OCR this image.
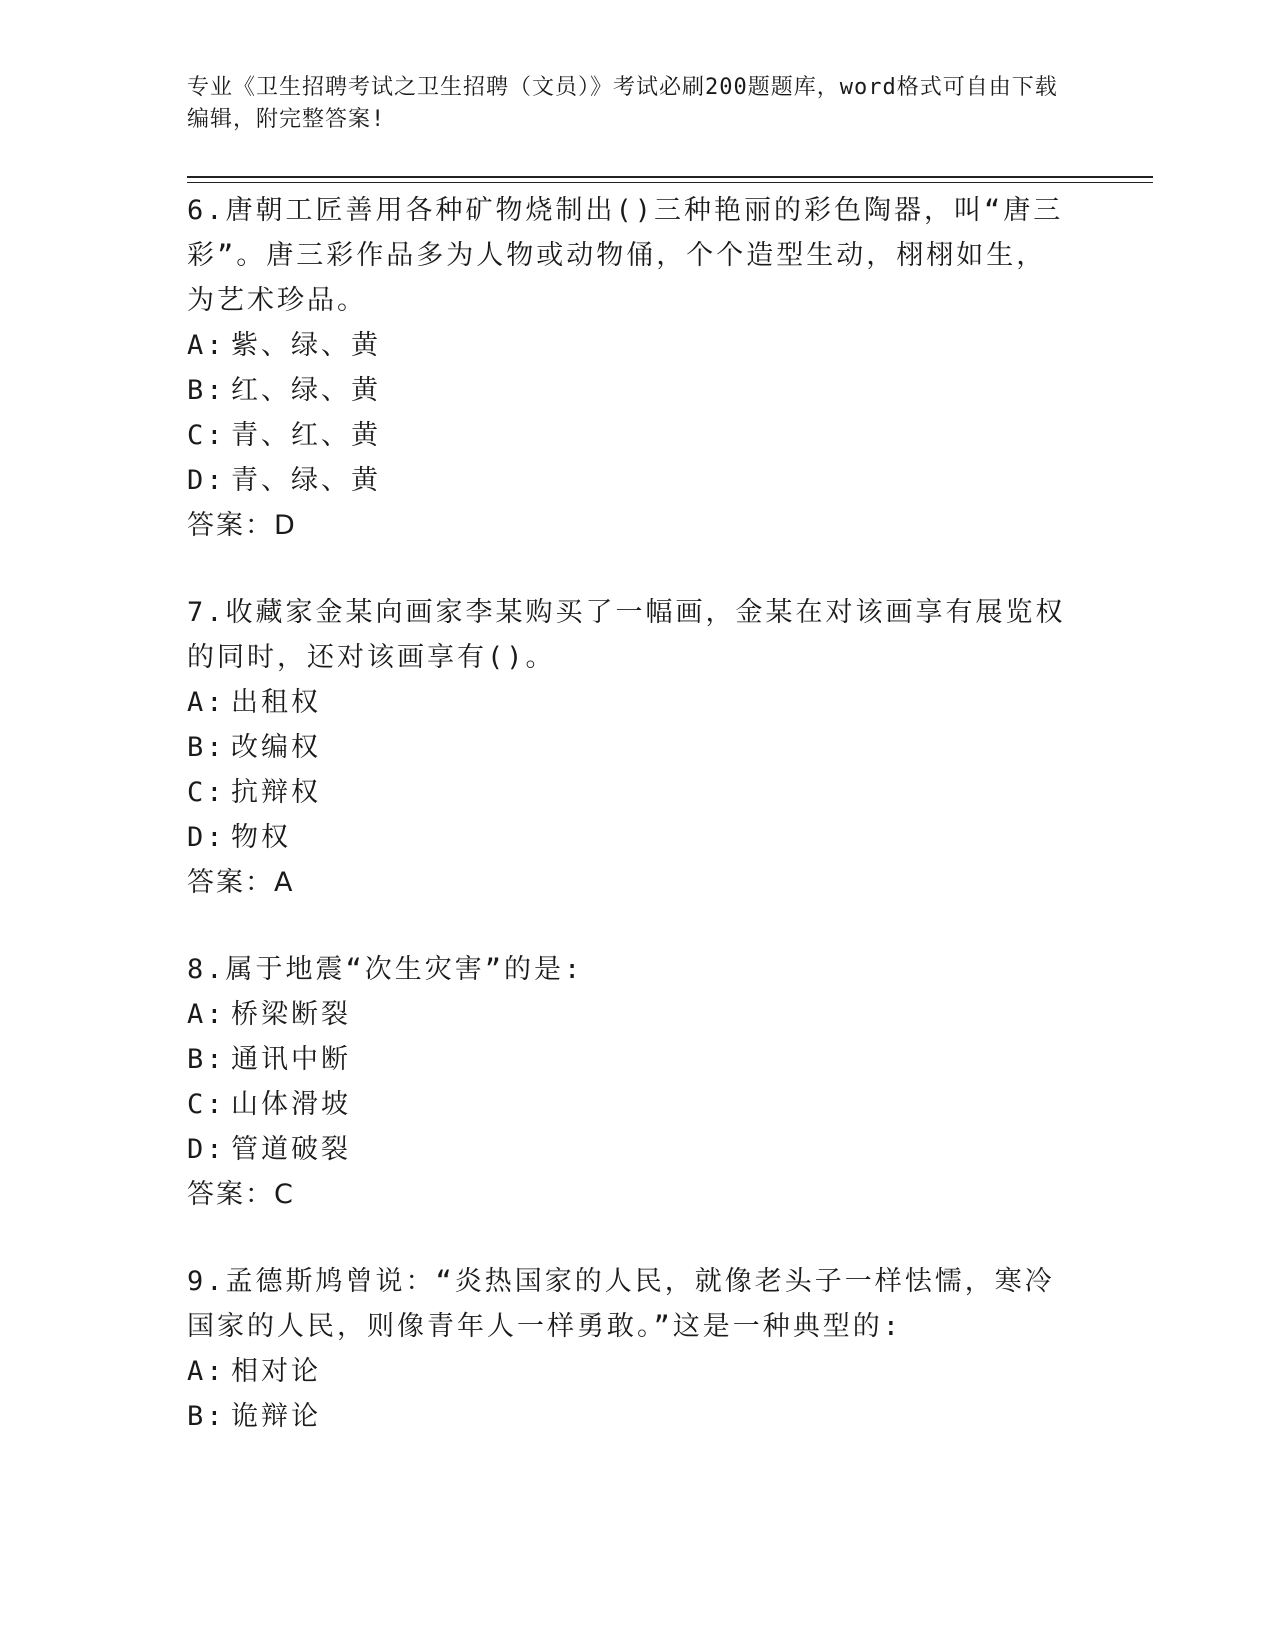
专业《卫生招聘考试之卫生招聘（文员）》考试必刷200题题库，word格式可自由下载编辑，附完整答案!

6.唐朝工匠善用各种矿物烧制出()三种艳丽的彩色陶器，叫“唐三彩”。唐三彩作品多为人物或动物俑，个个造型生动，栩栩如生，为艺术珍品。

A: 紫、绿、黄

B: 红、绿、黄

C: 青、红、黄

D: 青、绿、黄

答案：D

7.收藏家金某向画家李某购买了一幅画，金某在对该画享有展览权的同时，还对该画享有()。

A: 出租权

B: 改编权

C: 抗辩权

D: 物权

答案：A

8.属于地震“次生灾害”的是:

A: 桥梁断裂

B: 通讯中断

C: 山体滑坡

D: 管道破裂

答案：C

9.孟德斯鸠曾说：“炎热国家的人民，就像老头子一样怯懦，寒冷国家的人民，则像青年人一样勇敢。”这是一种典型的:

A: 相对论

B: 诡辩论
